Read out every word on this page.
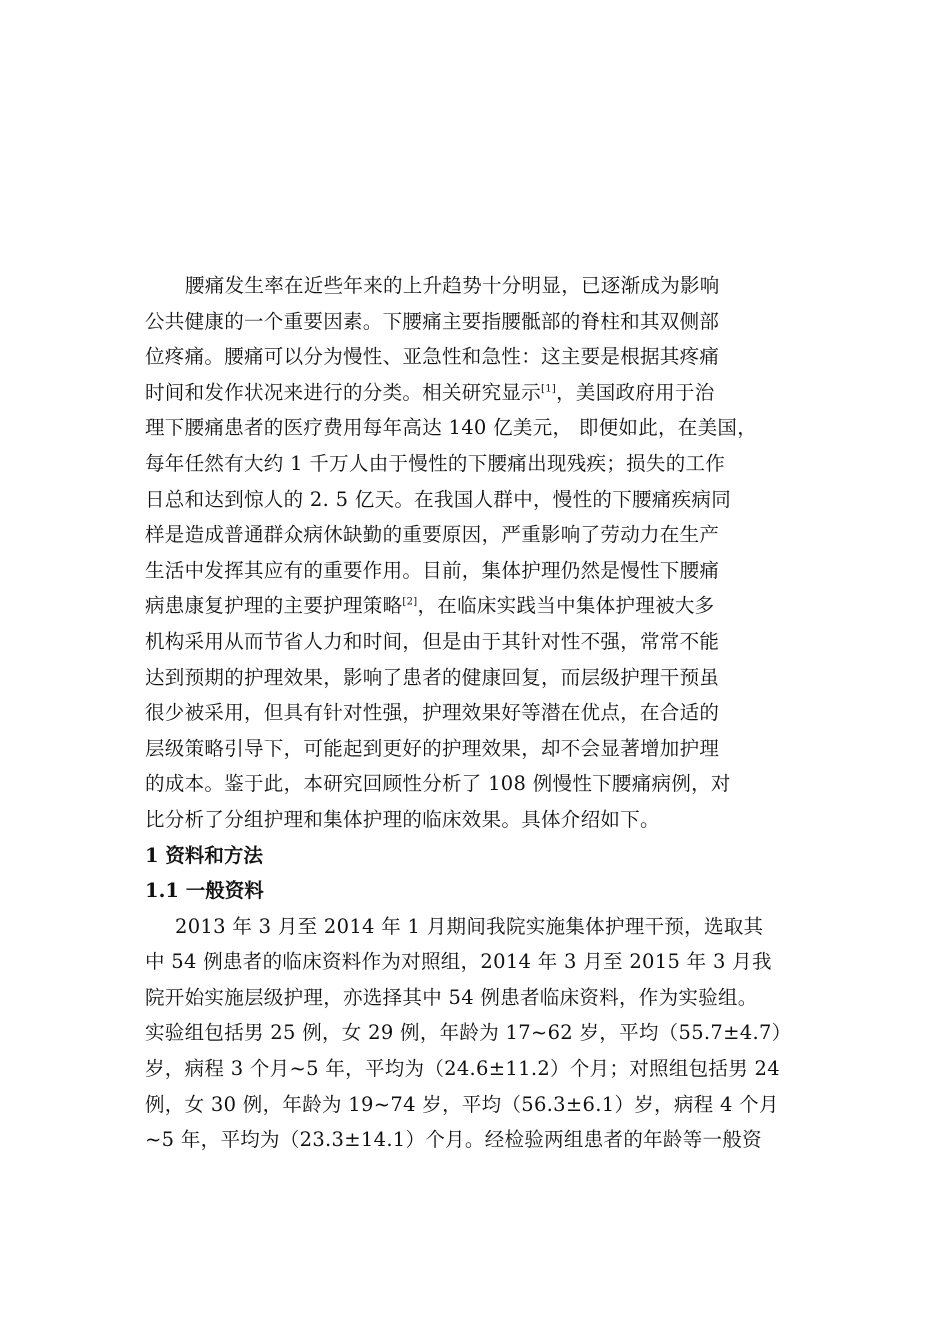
腰痛发生率在近些年来的上升趋势十分明显，已逐渐成为影响
公共健康的一个重要因素。下腰痛主要指腰骶部的脊柱和其双侧部
位疼痛。腰痛可以分为慢性、亚急性和急性：这主要是根据其疼痛
时间和发作状况来进行的分类。相关研究显示[1]，美国政府用于治
理下腰痛患者的医疗费用每年高达 140 亿美元， 即便如此，在美国，
每年任然有大约 1 千万人由于慢性的下腰痛出现残疾；损失的工作
日总和达到惊人的 2. 5 亿天。在我国人群中，慢性的下腰痛疾病同
样是造成普通群众病休缺勤的重要原因，严重影响了劳动力在生产
生活中发挥其应有的重要作用。目前，集体护理仍然是慢性下腰痛
病患康复护理的主要护理策略[2]，在临床实践当中集体护理被大多
机构采用从而节省人力和时间，但是由于其针对性不强，常常不能
达到预期的护理效果，影响了患者的健康回复，而层级护理干预虽
很少被采用，但具有针对性强，护理效果好等潜在优点，在合适的
层级策略引导下，可能起到更好的护理效果，却不会显著增加护理
的成本。鉴于此，本研究回顾性分析了 108 例慢性下腰痛病例，对
比分析了分组护理和集体护理的临床效果。具体介绍如下。
1 资料和方法
1.1 一般资料
2013 年 3 月至 2014 年 1 月期间我院实施集体护理干预，选取其
中 54 例患者的临床资料作为对照组，2014 年 3 月至 2015 年 3 月我
院开始实施层级护理，亦选择其中 54 例患者临床资料，作为实验组。
实验组包括男 25 例，女 29 例，年龄为 17~62 岁，平均（55.7±4.7）
岁，病程 3 个月~5 年，平均为（24.6±11.2）个月；对照组包括男 24
例，女 30 例，年龄为 19~74 岁，平均（56.3±6.1）岁，病程 4 个月
~5 年，平均为（23.3±14.1）个月。经检验两组患者的年龄等一般资
